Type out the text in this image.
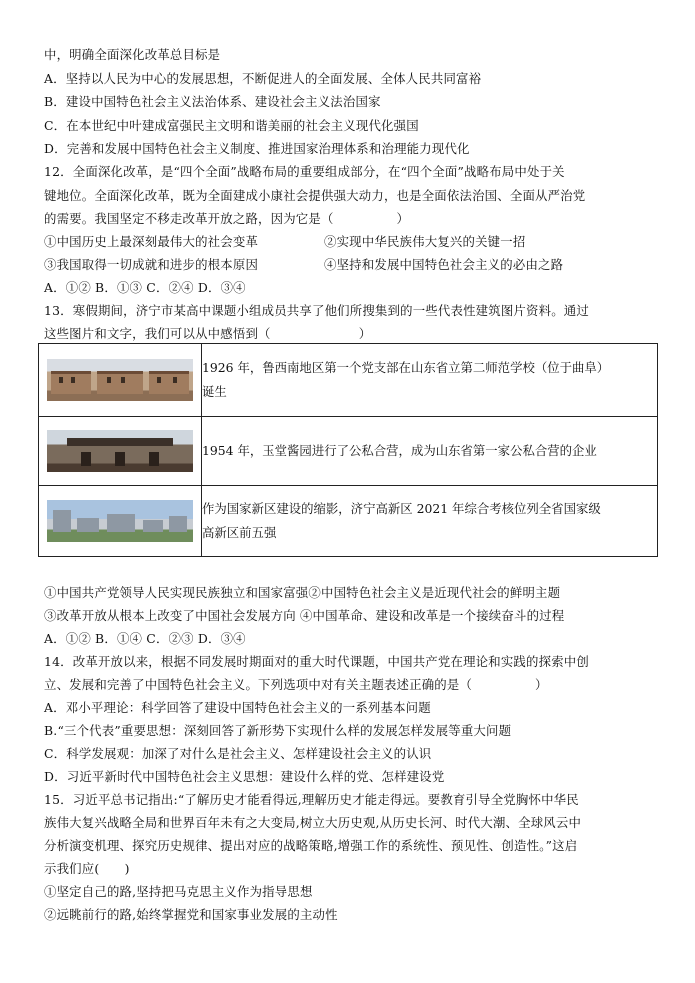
中，明确全面深化改革总目标是
A．坚持以人民为中心的发展思想，不断促进人的全面发展、全体人民共同富裕
B．建设中国特色社会主义法治体系、建设社会主义法治国家
C．在本世纪中叶建成富强民主文明和谐美丽的社会主义现代化强国
D．完善和发展中国特色社会主义制度、推进国家治理体系和治理能力现代化
12．全面深化改革，是“四个全面”战略布局的重要组成部分，在“四个全面”战略布局中处于关
键地位。全面深化改革，既为全面建成小康社会提供强大动力，也是全面依法治国、全面从严治党
的需要。我国坚定不移走改革开放之路，因为它是（　　　　　）
①中国历史上最深刻最伟大的社会变革	②实现中华民族伟大复兴的关键一招
③我国取得一切成就和进步的根本原因	④坚持和发展中国特色社会主义的必由之路
A．①② B．①③ C．②④ D．③④
13．寒假期间，济宁市某高中课题小组成员共享了他们所搜集到的一些代表性建筑图片资料。通过
这些图片和文字，我们可以从中感悟到（　　　　　　　）

	1926 年，鲁西南地区第一个党支部在山东省立第二师范学校（位于曲阜）
诞生

	1954 年，玉堂酱园进行了公私合营，成为山东省第一家公私合营的企业

	作为国家新区建设的缩影，济宁高新区 2021 年综合考核位列全省国家级
高新区前五强
①中国共产党领导人民实现民族独立和国家富强②中国特色社会主义是近现代社会的鲜明主题
③改革开放从根本上改变了中国社会发展方向 ④中国革命、建设和改革是一个接续奋斗的过程
A．①② B．①④ C．②③ D．③④
14．改革开放以来，根据不同发展时期面对的重大时代课题，中国共产党在理论和实践的探索中创
立、发展和完善了中国特色社会主义。下列选项中对有关主题表述正确的是（　　　　　）
A．邓小平理论：科学回答了建设中国特色社会主义的一系列基本问题
B.“三个代表”重要思想：深刻回答了新形势下实现什么样的发展怎样发展等重大问题
C．科学发展观：加深了对什么是社会主义、怎样建设社会主义的认识
D．习近平新时代中国特色社会主义思想：建设什么样的党、怎样建设党
15．习近平总书记指出:“了解历史才能看得远,理解历史才能走得远。要教育引导全党胸怀中华民
族伟大复兴战略全局和世界百年未有之大变局,树立大历史观,从历史长河、时代大潮、全球风云中
分析演变机理、探究历史规律、提出对应的战略策略,增强工作的系统性、预见性、创造性。”这启
示我们应(　　)
①坚定自己的路,坚持把马克思主义作为指导思想
②远眺前行的路,始终掌握党和国家事业发展的主动性
